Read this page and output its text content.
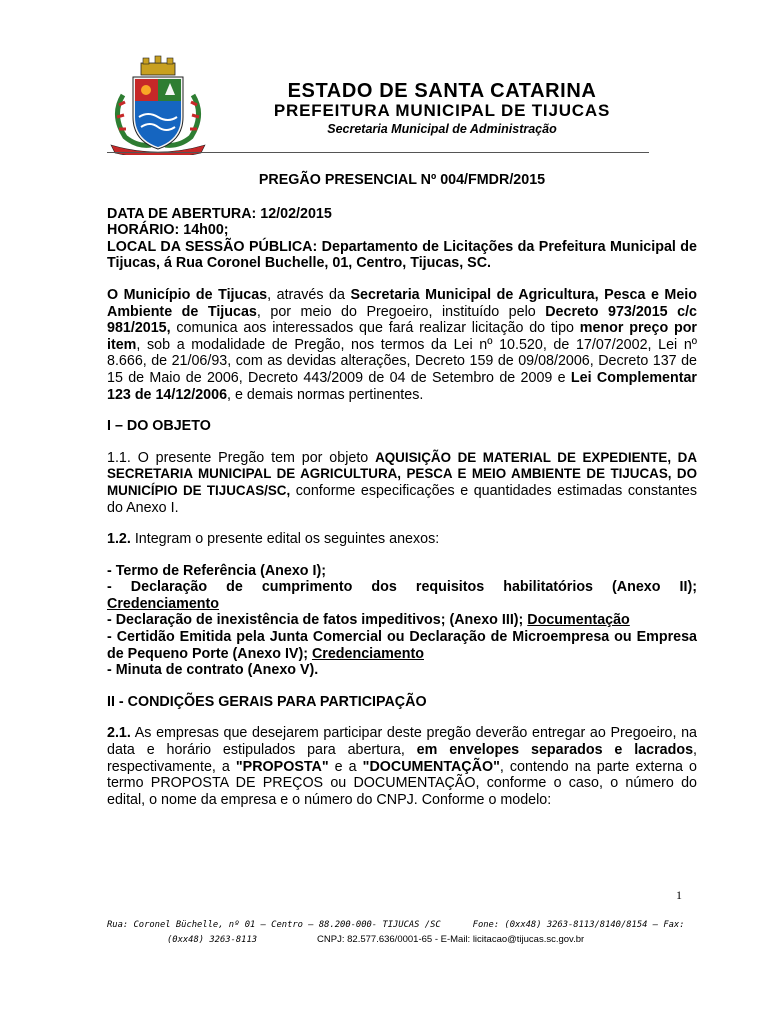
ESTADO DE SANTA CATARINA
PREFEITURA MUNICIPAL DE TIJUCAS
Secretaria Municipal de Administração

PREGÃO PRESENCIAL Nº 004/FMDR/2015

DATA DE ABERTURA: 12/02/2015

HORÁRIO: 14h00;

LOCAL DA SESSÃO PÚBLICA: Departamento de Licitações da Prefeitura Municipal de Tijucas, á Rua Coronel Buchelle, 01, Centro, Tijucas, SC.

O Município de Tijucas, através da Secretaria Municipal de Agricultura, Pesca e Meio Ambiente de Tijucas, por meio do Pregoeiro, instituído pelo Decreto 973/2015 c/c 981/2015, comunica aos interessados que fará realizar licitação do tipo menor preço por item, sob a modalidade de Pregão, nos termos da Lei nº 10.520, de 17/07/2002, Lei nº 8.666, de 21/06/93, com as devidas alterações, Decreto 159 de 09/08/2006, Decreto 137 de 15 de Maio de 2006, Decreto 443/2009 de 04 de Setembro de 2009 e Lei Complementar 123 de 14/12/2006, e demais normas pertinentes.

I – DO OBJETO

1.1. O presente Pregão tem por objeto AQUISIÇÃO DE MATERIAL DE EXPEDIENTE, DA SECRETARIA MUNICIPAL DE AGRICULTURA, PESCA E MEIO AMBIENTE DE TIJUCAS, DO MUNICÍPIO DE TIJUCAS/SC, conforme especificações e quantidades estimadas constantes do Anexo I.

1.2. Integram o presente edital os seguintes anexos:

- Termo de Referência (Anexo I);

- Declaração de cumprimento dos requisitos habilitatórios (Anexo II);

Credenciamento

- Declaração de inexistência de fatos impeditivos; (Anexo III); Documentação

- Certidão Emitida pela Junta Comercial ou Declaração de Microempresa ou Empresa de Pequeno Porte (Anexo IV); Credenciamento

- Minuta de contrato (Anexo V).

II - CONDIÇÕES GERAIS PARA PARTICIPAÇÃO

2.1. As empresas que desejarem participar deste pregão deverão entregar ao Pregoeiro, na data e horário estipulados para abertura, em envelopes separados e lacrados, respectivamente, a "PROPOSTA" e a "DOCUMENTAÇÃO", contendo na parte externa o termo PROPOSTA DE PREÇOS ou DOCUMENTAÇÃO, conforme o caso, o número do edital, o nome da empresa e o número do CNPJ. Conforme o modelo:

1
Rua: Coronel Büchelle, nº 01 – Centro – 88.200-000- TIJUCAS /SC	Fone: (0xx48) 3263-8113/8140/8154 – Fax:
(0xx48) 3263-8113	CNPJ: 82.577.636/0001-65 - E-Mail: licitacao@tijucas.sc.gov.br
